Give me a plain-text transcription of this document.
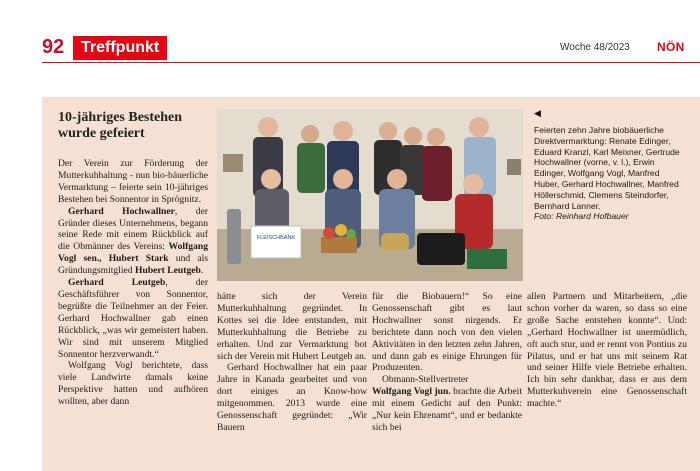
92	Treffpunkt	Woche 48/2023 NÖN
10-jähriges Bestehen
wurde gefeiert

Der Verein zur Förderung der Mutterkuhhaltung - nun bio-bäuerliche Vermarktung – feierte sein 10-jähriges Bestehen bei Sonnentor in Sprögnitz.

Gerhard Hochwallner, der Gründer dieses Unternehmens, begann seine Rede mit einem Rückblick auf die Obmänner des Vereins: Wolfgang Vogl sen., Hubert Stark und als Gründungsmitglied Hubert Leutgeb.

Gerhard Leutgeb, der Geschäftsführer von Sonnentor, begrüßte die Teilnehmer an der Feier. Gerhard Hochwallner gab einen Rückblick, „was wir gemeistert haben. Wir sind mit unserem Mitglied Sonnentor herzverwandt.“

Wolfgang Vogl berichtete, dass viele Landwirte damals keine Perspektive hatten und aufhören wollten, aber dann

FLEISCHBANK
◀
Feierten zehn Jahre biobäuerliche Direktvermarktung: Renate Edinger, Eduard Kranzl, Karl Meixner, Gertrude Hochwallner (vorne, v. l.), Erwin Edinger, Wolfgang Vogl, Manfred Huber, Gerhard Hochwallner, Manfred Höllerschmid, Clemens Steindorfer, Bernhard Lanner.
Foto: Reinhard Hofbauer

hätte sich der Verein Mutterkuhhaltung gegründet. In Kottes sei die Idee entstanden, mit Mutterkuhhaltung die Betriebe zu erhalten. Und zur Vermarktung bot sich der Verein mit Hubert Leutgeb an.

Gerhard Hochwallner hat ein paar Jahre in Kanada gearbeitet und von dort einiges an Know-how mitgenommen. 2013 wurde eine Genossenschaft gegründet: „Wir Bauern

für die Biobauern!“ So eine Genossenschaft gibt es laut Hochwallner sonst nirgends. Er berichtete dann noch von den vielen Aktivitäten in den letzten zehn Jahren, und dann gab es einige Ehrungen für Produzenten.

Obmann-Stellvertreter

Wolfgang Vogl jun. brachte die Arbeit mit einem Gedicht auf den Punkt: „Nur kein Ehrenamt“, und er bedankte sich bei

allen Partnern und Mitarbeitern, „die schon vorher da waren, so dass so eine große Sache entstehen konnte“. Und: „Gerhard Hochwallner ist unermüdlich, oft auch stur, und er rennt von Pontius zu Pilatus, und er hat uns mit seinem Rat und seiner Hilfe viele Betriebe erhalten. Ich bin sehr dankbar, dass er aus dem Mutterkuhverein eine Genossenschaft machte.“
